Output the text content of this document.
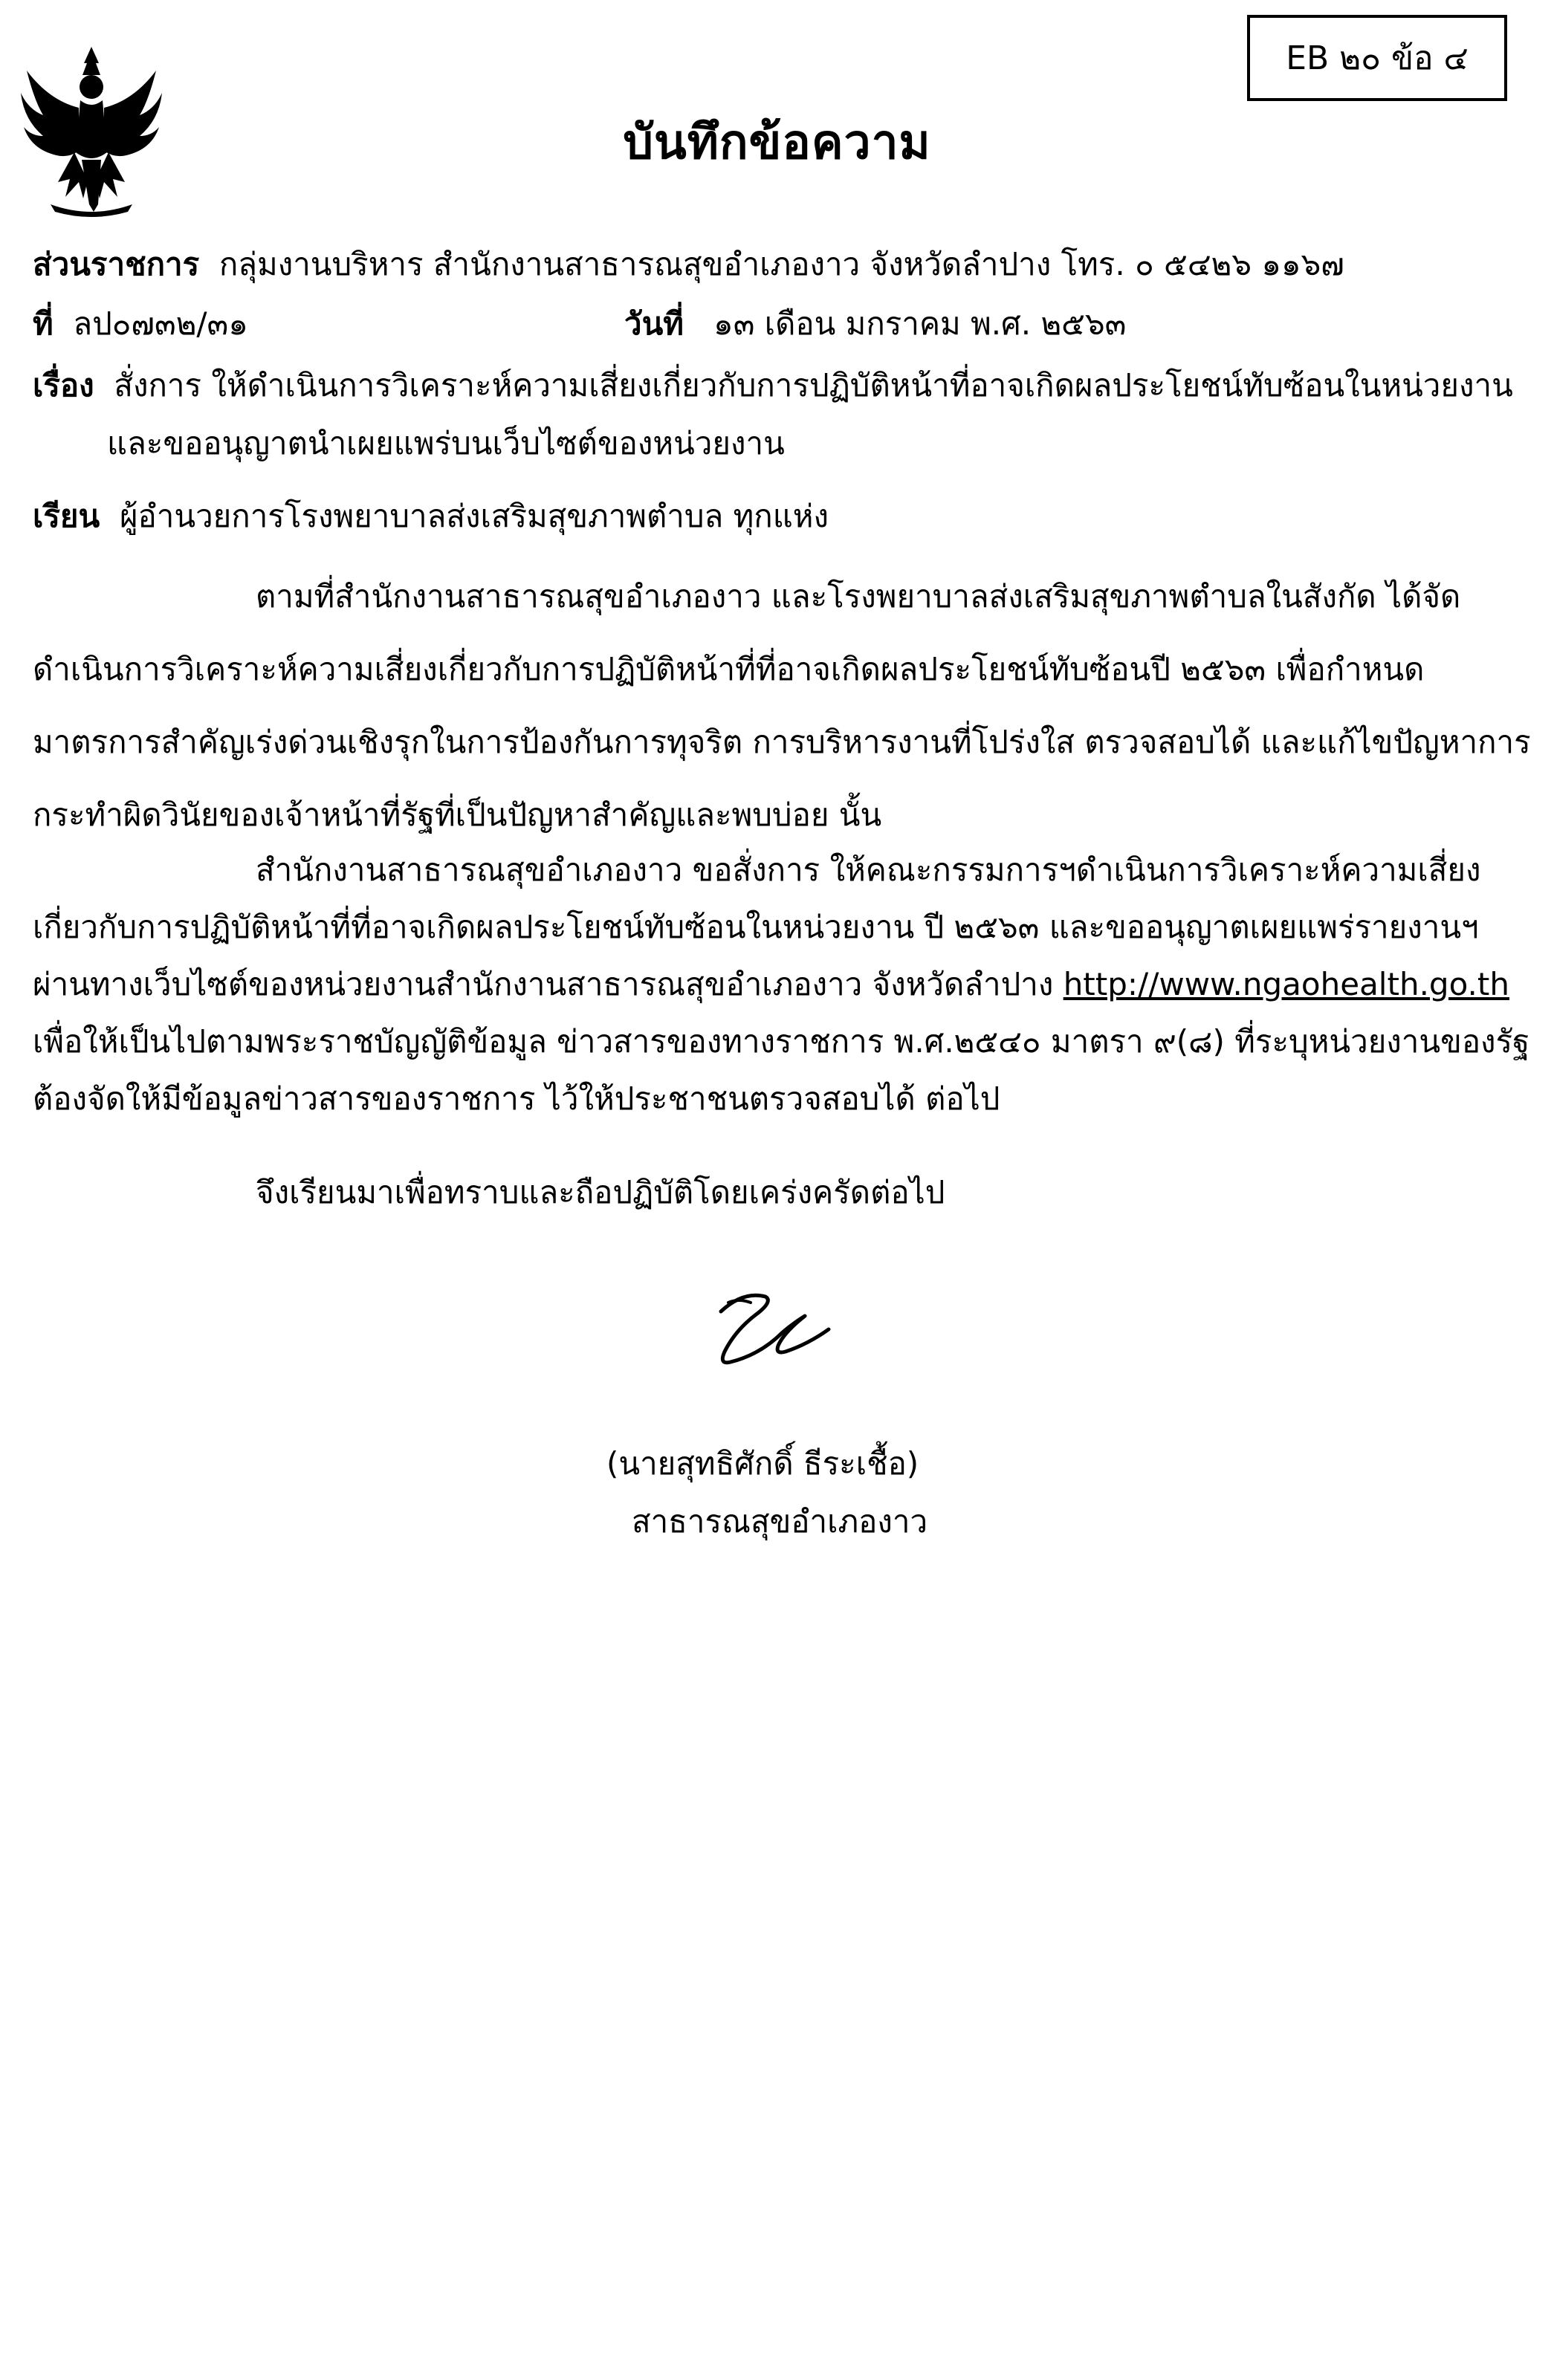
EB ๒๐ ข้อ ๔
บันทึกข้อความ
ส่วนราชการ กลุ่มงานบริหาร สำนักงานสาธารณสุขอำเภองาว จังหวัดลำปาง โทร. ๐ ๕๔๒๖ ๑๑๖๗
ที่ ลป๐๗๓๒/๓๑	วันที่ ๑๓ เดือน มกราคม พ.ศ. ๒๕๖๓
เรื่อง สั่งการ ให้ดำเนินการวิเคราะห์ความเสี่ยงเกี่ยวกับการปฏิบัติหน้าที่อาจเกิดผลประโยชน์ทับซ้อนในหน่วยงาน
และขออนุญาตนำเผยแพร่บนเว็บไซต์ของหน่วยงาน
เรียน ผู้อำนวยการโรงพยาบาลส่งเสริมสุขภาพตำบล ทุกแห่ง
ตามที่สำนักงานสาธารณสุขอำเภองาว และโรงพยาบาลส่งเสริมสุขภาพตำบลในสังกัด ได้จัด
ดำเนินการวิเคราะห์ความเสี่ยงเกี่ยวกับการปฏิบัติหน้าที่ที่อาจเกิดผลประโยชน์ทับซ้อนปี ๒๕๖๓ เพื่อกำหนด
มาตรการสำคัญเร่งด่วนเชิงรุกในการป้องกันการทุจริต การบริหารงานที่โปร่งใส ตรวจสอบได้ และแก้ไขปัญหาการ
กระทำผิดวินัยของเจ้าหน้าที่รัฐที่เป็นปัญหาสำคัญและพบบ่อย นั้น
สำนักงานสาธารณสุขอำเภองาว ขอสั่งการ ให้คณะกรรมการฯดำเนินการวิเคราะห์ความเสี่ยง
เกี่ยวกับการปฏิบัติหน้าที่ที่อาจเกิดผลประโยชน์ทับซ้อนในหน่วยงาน ปี ๒๕๖๓ และขออนุญาตเผยแพร่รายงานฯ
ผ่านทางเว็บไซต์ของหน่วยงานสำนักงานสาธารณสุขอำเภองาว จังหวัดลำปาง http://www.ngaohealth.go.th
เพื่อให้เป็นไปตามพระราชบัญญัติข้อมูล ข่าวสารของทางราชการ พ.ศ.๒๕๔๐ มาตรา ๙(๘) ที่ระบุหน่วยงานของรัฐ
ต้องจัดให้มีข้อมูลข่าวสารของราชการ ไว้ให้ประชาชนตรวจสอบได้ ต่อไป
จึงเรียนมาเพื่อทราบและถือปฏิบัติโดยเคร่งครัดต่อไป
(นายสุทธิศักดิ์ ธีระเชื้อ)
สาธารณสุขอำเภองาว
